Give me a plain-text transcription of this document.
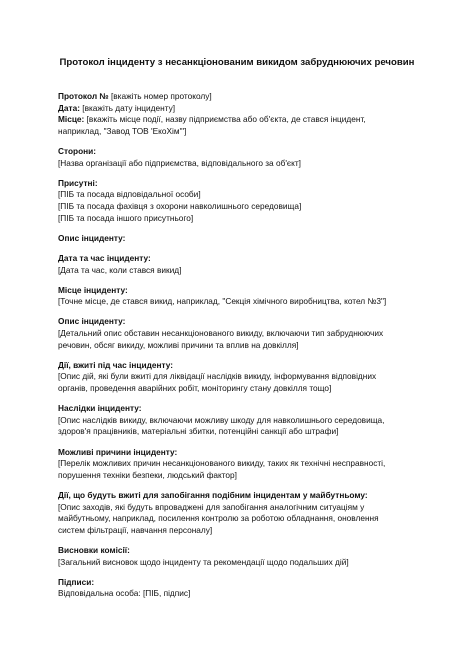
Протокол інциденту з несанкціонованим викидом забруднюючих речовин
Протокол № [вкажіть номер протоколу]
Дата: [вкажіть дату інциденту]
Місце: [вкажіть місце події, назву підприємства або об'єкта, де стався інцидент,
наприклад, "Завод ТОВ 'ЕкоХім'"]
Сторони:
[Назва організації або підприємства, відповідального за об'єкт]
Присутні:
[ПІБ та посада відповідальної особи]
[ПІБ та посада фахівця з охорони навколишнього середовища]
[ПІБ та посада іншого присутнього]
Опис інциденту:
Дата та час інциденту:
[Дата та час, коли стався викид]
Місце інциденту:
[Точне місце, де стався викид, наприклад, "Секція хімічного виробництва, котел №3"]
Опис інциденту:
[Детальний опис обставин несанкціонованого викиду, включаючи тип забруднюючих
речовин, обсяг викиду, можливі причини та вплив на довкілля]
Дії, вжиті під час інциденту:
[Опис дій, які були вжиті для ліквідації наслідків викиду, інформування відповідних
органів, проведення аварійних робіт, моніторингу стану довкілля тощо]
Наслідки інциденту:
[Опис наслідків викиду, включаючи можливу шкоду для навколишнього середовища,
здоров'я працівників, матеріальні збитки, потенційні санкції або штрафи]
Можливі причини інциденту:
[Перелік можливих причин несанкціонованого викиду, таких як технічні несправності,
порушення техніки безпеки, людський фактор]
Дії, що будуть вжиті для запобігання подібним інцидентам у майбутньому:
[Опис заходів, які будуть впроваджені для запобігання аналогічним ситуаціям у
майбутньому, наприклад, посилення контролю за роботою обладнання, оновлення
систем фільтрації, навчання персоналу]
Висновки комісії:
[Загальний висновок щодо інциденту та рекомендації щодо подальших дій]
Підписи:
Відповідальна особа: [ПІБ, підпис]
